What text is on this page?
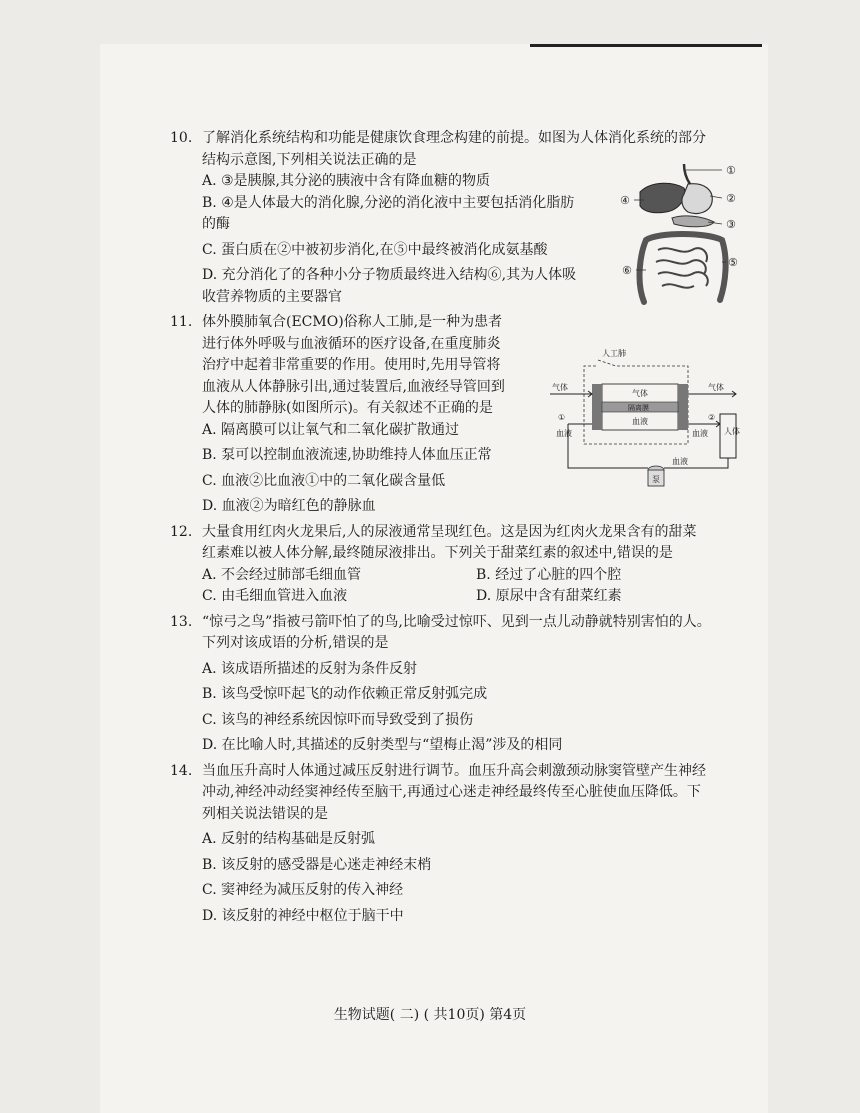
10. 了解消化系统结构和功能是健康饮食理念构建的前提。如图为人体消化系统的部分
结构示意图,下列相关说法正确的是
A. ③是胰腺,其分泌的胰液中含有降血糖的物质
B. ④是人体最大的消化腺,分泌的消化液中主要包括消化脂肪
的酶
C. 蛋白质在②中被初步消化,在⑤中最终被消化成氨基酸
D. 充分消化了的各种小分子物质最终进入结构⑥,其为人体吸
收营养物质的主要器官
11. 体外膜肺氧合(ECMO)俗称人工肺,是一种为患者
进行体外呼吸与血液循环的医疗设备,在重度肺炎
治疗中起着非常重要的作用。使用时,先用导管将
血液从人体静脉引出,通过装置后,血液经导管回到
人体的肺静脉(如图所示)。有关叙述不正确的是
A. 隔离膜可以让氧气和二氧化碳扩散通过
B. 泵可以控制血液流速,协助维持人体血压正常
C. 血液②比血液①中的二氧化碳含量低
D. 血液②为暗红色的静脉血
12. 大量食用红肉火龙果后,人的尿液通常呈现红色。这是因为红肉火龙果含有的甜菜
红素难以被人体分解,最终随尿液排出。下列关于甜菜红素的叙述中,错误的是
A. 不会经过肺部毛细血管	B. 经过了心脏的四个腔
C. 由毛细血管进入血液	D. 原尿中含有甜菜红素
13. “惊弓之鸟”指被弓箭吓怕了的鸟,比喻受过惊吓、见到一点儿动静就特别害怕的人。
下列对该成语的分析,错误的是
A. 该成语所描述的反射为条件反射
B. 该鸟受惊吓起飞的动作依赖正常反射弧完成
C. 该鸟的神经系统因惊吓而导致受到了损伤
D. 在比喻人时,其描述的反射类型与“望梅止渴”涉及的相同
14. 当血压升高时人体通过减压反射进行调节。血压升高会刺激颈动脉窦管壁产生神经
冲动,神经冲动经窦神经传至脑干,再通过心迷走神经最终传至心脏使血压降低。下
列相关说法错误的是
A. 反射的结构基础是反射弧
B. 该反射的感受器是心迷走神经末梢
C. 窦神经为减压反射的传入神经
D. 该反射的神经中枢位于脑干中
①
②
③
④
⑤
⑥
人工肺
气体
气体
气体
隔离膜
血液
血液
①
血液
②
人体
血液
泵
生物试题( 二) ( 共10页) 第4页
